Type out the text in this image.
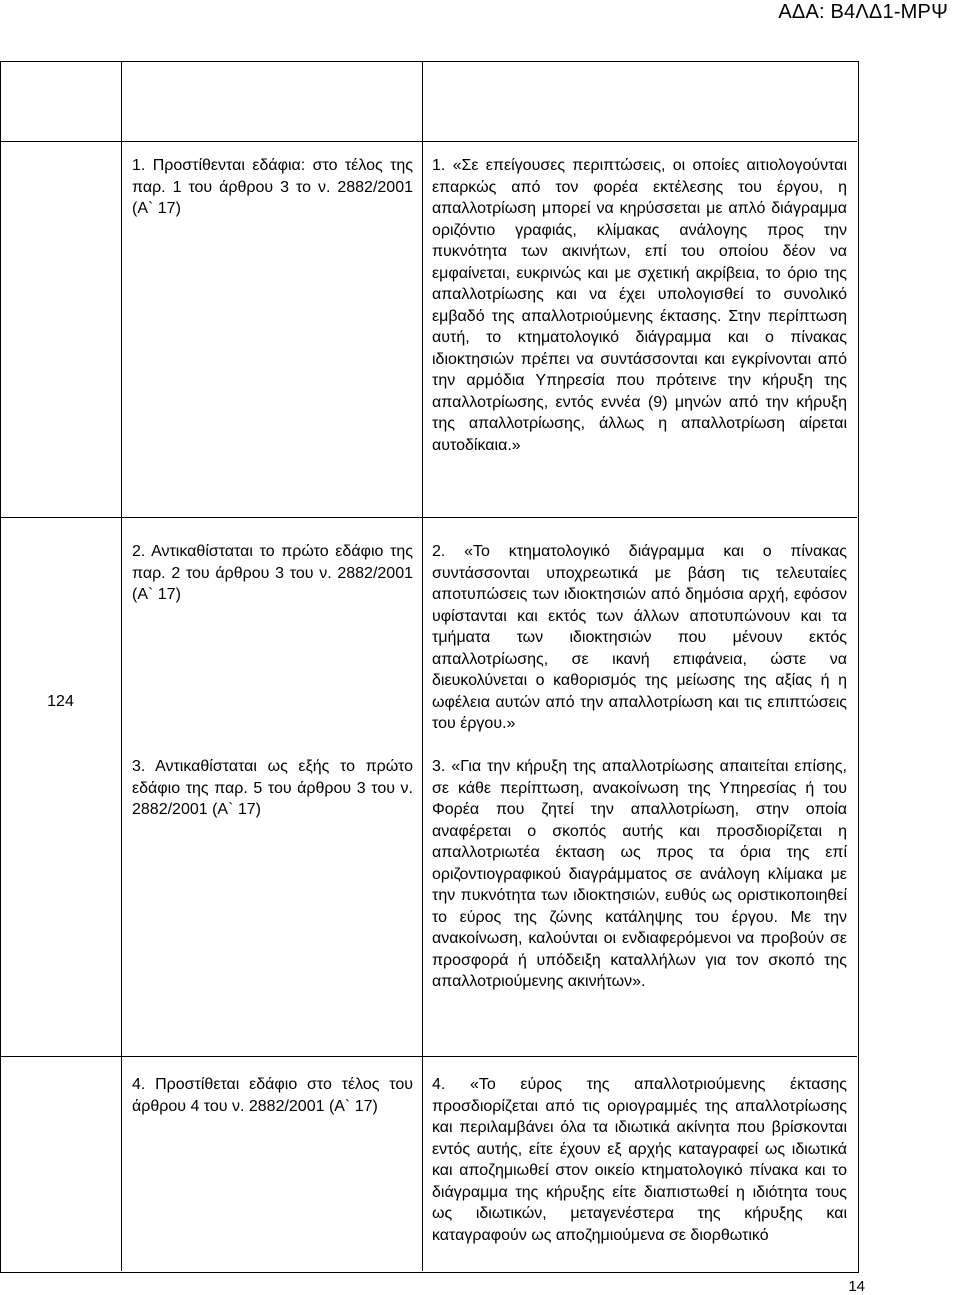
ΑΔΑ: Β4ΛΔ1-ΜΡΨ
124
1. Προστίθενται εδάφια: στο τέλος της παρ. 1 του άρθρου 3 το ν. 2882/2001 (Α` 17)
1. «Σε επείγουσες περιπτώσεις, οι οποίες αιτιολογούνται επαρκώς από τον φορέα εκτέλεσης του έργου, η απαλλοτρίωση μπορεί να κηρύσσεται με απλό διάγραμμα οριζόντιο γραφιάς, κλίμακας ανάλογης προς την πυκνότητα των ακινήτων, επί του οποίου δέον να εμφαίνεται, ευκρινώς και με σχετική ακρίβεια, το όριο της απαλλοτρίωσης και να έχει υπολογισθεί το συνολικό εμβαδό της απαλλοτριούμενης έκτασης. Στην περίπτωση αυτή, το κτηματολογικό διάγραμμα και ο πίνακας ιδιοκτησιών πρέπει να συντάσσονται και εγκρίνονται από την αρμόδια Υπηρεσία που πρότεινε την κήρυξη της απαλλοτρίωσης, εντός εννέα (9) μηνών από την κήρυξη της απαλλοτρίωσης, άλλως η απαλλοτρίωση αίρεται αυτοδίκαια.»
2. Αντικαθίσταται το πρώτο εδάφιο της παρ. 2 του άρθρου 3 του ν. 2882/2001 (Α` 17)
2. «Το κτηματολογικό διάγραμμα και ο πίνακας συντάσσονται υποχρεωτικά με βάση τις τελευταίες αποτυπώσεις των ιδιοκτησιών από δημόσια αρχή, εφόσον υφίστανται και εκτός των άλλων αποτυπώνουν και τα τμήματα των ιδιοκτησιών που μένουν εκτός απαλλοτρίωσης, σε ικανή επιφάνεια, ώστε να διευκολύνεται ο καθορισμός της μείωσης της αξίας ή η ωφέλεια αυτών από την απαλλοτρίωση και τις επιπτώσεις του έργου.»
3. Αντικαθίσταται ως εξής το πρώτο εδάφιο της παρ. 5 του άρθρου 3 του ν. 2882/2001 (Α` 17)
3. «Για την κήρυξη της απαλλοτρίωσης απαιτείται επίσης, σε κάθε περίπτωση, ανακοίνωση της Υπηρεσίας ή του Φορέα που ζητεί την απαλλοτρίωση, στην οποία αναφέρεται ο σκοπός αυτής και προσδιορίζεται η απαλλοτριωτέα έκταση ως προς τα όρια της επί οριζοντιογραφικού διαγράμματος σε ανάλογη κλίμακα με την πυκνότητα των ιδιοκτησιών, ευθύς ως οριστικοποιηθεί το εύρος της ζώνης κατάληψης του έργου. Με την ανακοίνωση, καλούνται οι ενδιαφερόμενοι να προβούν σε προσφορά ή υπόδειξη καταλλήλων για τον σκοπό της απαλλοτριούμενης ακινήτων».
4. Προστίθεται εδάφιο στο τέλος του άρθρου 4 του ν. 2882/2001 (Α` 17)
4. «Το εύρος της απαλλοτριούμενης έκτασης προσδιορίζεται από τις οριογραμμές της απαλλοτρίωσης και περιλαμβάνει όλα τα ιδιωτικά ακίνητα που βρίσκονται εντός αυτής, είτε έχουν εξ αρχής καταγραφεί ως ιδιωτικά και αποζημιωθεί στον οικείο κτηματολογικό πίνακα και το διάγραμμα της κήρυξης είτε διαπιστωθεί η ιδιότητα τους ως ιδιωτικών, μεταγενέστερα της κήρυξης και καταγραφούν ως αποζημιούμενα σε διορθωτικό
14
